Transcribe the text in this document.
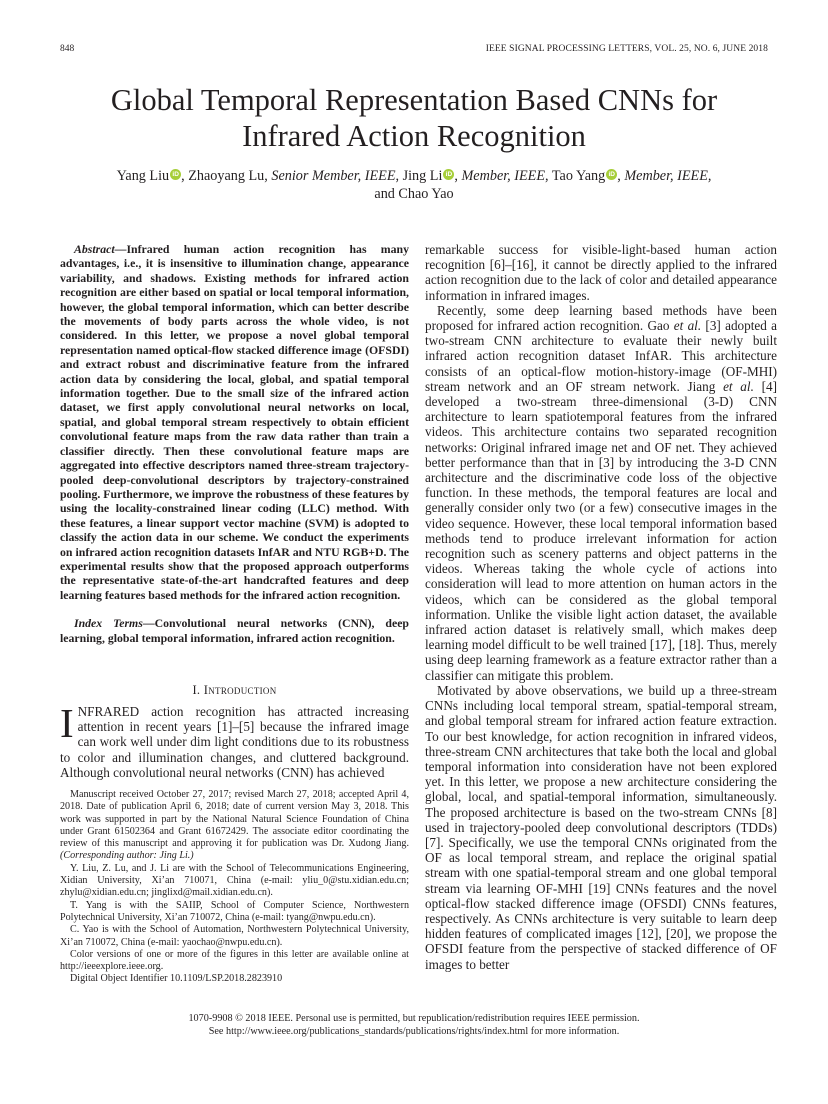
848	IEEE SIGNAL PROCESSING LETTERS, VOL. 25, NO. 6, JUNE 2018
Global Temporal Representation Based CNNs for
Infrared Action Recognition
Yang Liu iD , Zhaoyang Lu, Senior Member, IEEE, Jing Li iD , Member, IEEE, Tao Yang iD , Member, IEEE,
and Chao Yao

Abstract—Infrared human action recognition has many advantages, i.e., it is insensitive to illumination change, appearance variability, and shadows. Existing methods for infrared action recognition are either based on spatial or local temporal information, however, the global temporal information, which can better describe the movements of body parts across the whole video, is not considered. In this letter, we propose a novel global temporal representation named optical-flow stacked difference image (OFSDI) and extract robust and discriminative feature from the infrared action data by considering the local, global, and spatial temporal information together. Due to the small size of the infrared action dataset, we first apply convolutional neural networks on local, spatial, and global temporal stream respectively to obtain efficient convolutional feature maps from the raw data rather than train a classifier directly. Then these convolutional feature maps are aggregated into effective descriptors named three-stream trajectory-pooled deep-convolutional descriptors by trajectory-constrained pooling. Furthermore, we improve the robustness of these features by using the locality-constrained linear coding (LLC) method. With these features, a linear support vector machine (SVM) is adopted to classify the action data in our scheme. We conduct the experiments on infrared action recognition datasets InfAR and NTU RGB+D. The experimental results show that the proposed approach outperforms the representative state-of-the-art handcrafted features and deep learning features based methods for the infrared action recognition.

Index Terms—Convolutional neural networks (CNN), deep learning, global temporal information, infrared action recognition.

I. Introduction

INFRARED action recognition has attracted increasing attention in recent years [1]–[5] because the infrared image can work well under dim light conditions due to its robustness to color and illumination changes, and cluttered background. Although convolutional neural networks (CNN) has achieved

Manuscript received October 27, 2017; revised March 27, 2018; accepted April 4, 2018. Date of publication April 6, 2018; date of current version May 3, 2018. This work was supported in part by the National Natural Science Foundation of China under Grant 61502364 and Grant 61672429. The associate editor coordinating the review of this manuscript and approving it for publication was Dr. Xudong Jiang. (Corresponding author: Jing Li.)

Y. Liu, Z. Lu, and J. Li are with the School of Telecommunications Engineering, Xidian University, Xi’an 710071, China (e-mail: yliu_0@stu.xidian.edu.cn; zhylu@xidian.edu.cn; jinglixd@mail.xidian.edu.cn).

T. Yang is with the SAIIP, School of Computer Science, Northwestern Polytechnical University, Xi’an 710072, China (e-mail: tyang@nwpu.edu.cn).

C. Yao is with the School of Automation, Northwestern Polytechnical University, Xi’an 710072, China (e-mail: yaochao@nwpu.edu.cn).

Color versions of one or more of the figures in this letter are available online at http://ieeexplore.ieee.org.

Digital Object Identifier 10.1109/LSP.2018.2823910

remarkable success for visible-light-based human action recognition [6]–[16], it cannot be directly applied to the infrared action recognition due to the lack of color and detailed appearance information in infrared images.

Recently, some deep learning based methods have been proposed for infrared action recognition. Gao et al. [3] adopted a two-stream CNN architecture to evaluate their newly built infrared action recognition dataset InfAR. This architecture consists of an optical-flow motion-history-image (OF-MHI) stream network and an OF stream network. Jiang et al. [4] developed a two-stream three-dimensional (3-D) CNN architecture to learn spatiotemporal features from the infrared videos. This architecture contains two separated recognition networks: Original infrared image net and OF net. They achieved better performance than that in [3] by introducing the 3-D CNN architecture and the discriminative code loss of the objective function. In these methods, the temporal features are local and generally consider only two (or a few) consecutive images in the video sequence. However, these local temporal information based methods tend to produce irrelevant information for action recognition such as scenery patterns and object patterns in the videos. Whereas taking the whole cycle of actions into consideration will lead to more attention on human actors in the videos, which can be considered as the global temporal information. Unlike the visible light action dataset, the available infrared action dataset is relatively small, which makes deep learning model difficult to be well trained [17], [18]. Thus, merely using deep learning framework as a feature extractor rather than a classifier can mitigate this problem.

Motivated by above observations, we build up a three-stream CNNs including local temporal stream, spatial-temporal stream, and global temporal stream for infrared action feature extraction. To our best knowledge, for action recognition in infrared videos, three-stream CNN architectures that take both the local and global temporal information into consideration have not been explored yet. In this letter, we propose a new architecture considering the global, local, and spatial-temporal information, simultaneously. The proposed architecture is based on the two-stream CNNs [8] used in trajectory-pooled deep convolutional descriptors (TDDs) [7]. Specifically, we use the temporal CNNs originated from the OF as local temporal stream, and replace the original spatial stream with one spatial-temporal stream and one global temporal stream via learning OF-MHI [19] CNNs features and the novel optical-flow stacked difference image (OFSDI) CNNs features, respectively. As CNNs architecture is very suitable to learn deep hidden features of complicated images [12], [20], we propose the OFSDI feature from the perspective of stacked difference of OF images to better

1070-9908 © 2018 IEEE. Personal use is permitted, but republication/redistribution requires IEEE permission.
See http://www.ieee.org/publications_standards/publications/rights/index.html for more information.
